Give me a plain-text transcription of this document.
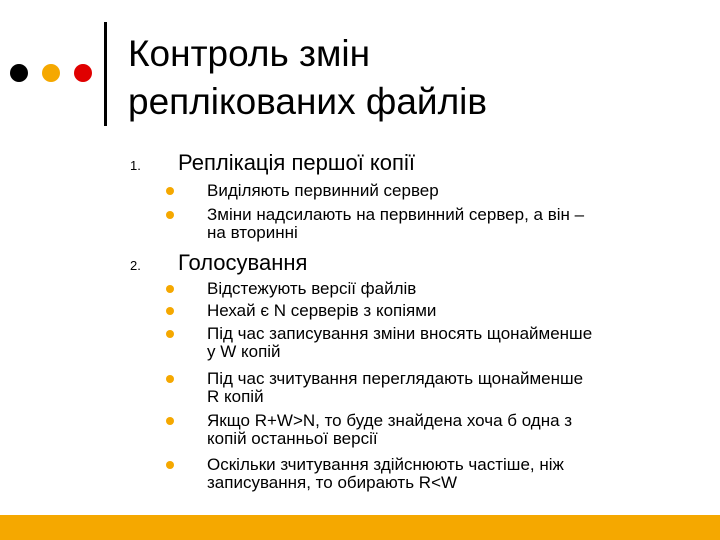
Контроль змін
реплікованих файлів
1. Реплікація першої копії
Виділяють первинний сервер
Зміни надсилають на первинний сервер, а він –
на вторинні
2. Голосування
Відстежують версії файлів
Нехай є N серверів з копіями
Під час записування зміни вносять щонайменше
у W копій
Під час зчитування переглядають щонайменше
R копій
Якщо R+W>N, то буде знайдена хоча б одна з
копій останньої версії
Оскільки зчитування здійснюють частіше, ніж
записування, то обирають R<W
